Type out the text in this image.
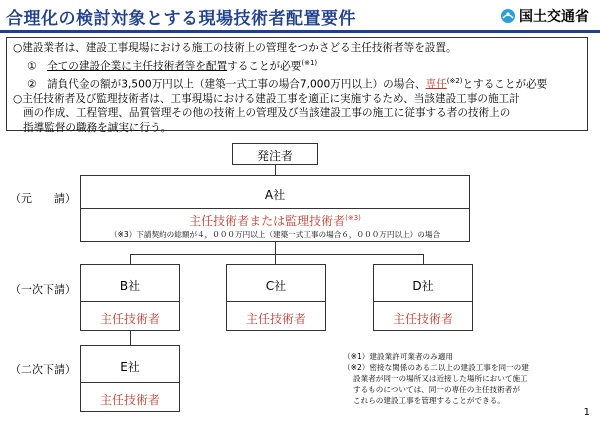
合理化の検討対象とする現場技術者配置要件	国土交通省
○建設業者は、建設工事現場における施工の技術上の管理をつかさどる主任技術者等を設置。
①　 全ての建設企業に主任技術者等を配置することが必要$^{(※1)}$
②　 請負代金の額が3,500万円以上（建築一式工事の場合7,000万円以上）の場合、専任$^{(※2)}$とすることが必要
○主任技術者及び監理技術者は、工事現場における建設工事を適正に実施するため、当該建設工事の施工計
画の作成、工程管理、品質管理その他の技術上の管理及び当該建設工事の施工に従事する者の技術上の
指導監督の職務を誠実に行う。
発注者
（元　　請）
（一次下請）
（二次下請）
A社
主任技術者または監理技術者$^{(※3)}$
（※3）下請契約の総額が４，０００万円以上（建築一式工事の場合６，０００万円以上）の場合
B社
主任技術者
C社
主任技術者
D社
主任技術者
E社
主任技術者
（※1）建設業許可業者のみ適用
（※2）密接な関係のある二以上の建設工事を同一の建
設業者が同一の場所又は近接した場所において施工
するものについては、同一の専任の主任技術者が
これらの建設工事を管理することができる。
1
